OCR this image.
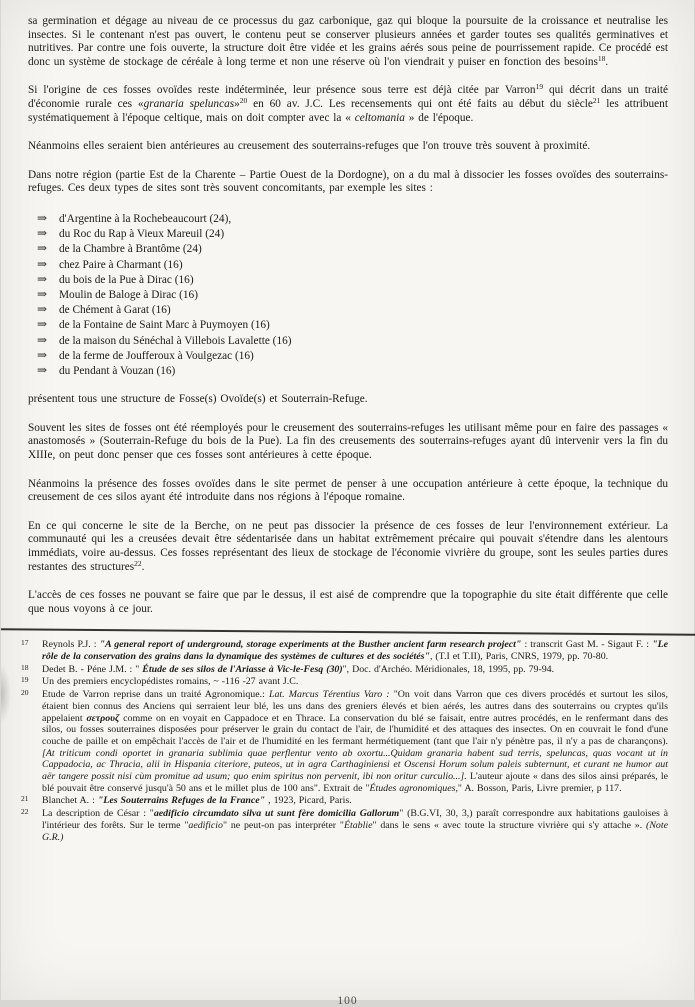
sa germination et dégage au niveau de ce processus du gaz carbonique, gaz qui bloque la poursuite de la croissance et neutralise les insectes. Si le contenant n'est pas ouvert, le contenu peut se conserver plusieurs années et garder toutes ses qualités germinatives et nutritives. Par contre une fois ouverte, la structure doit être vidée et les grains aérés sous peine de pourrissement rapide. Ce procédé est donc un système de stockage de céréale à long terme et non une réserve où l'on viendrait y puiser en fonction des besoins$^{18}$.

Si l'origine de ces fosses ovoïdes reste indéterminée, leur présence sous terre est déjà citée par Varron$^{19}$ qui décrit dans un traité d'économie rurale ces «granaria speluncas»$^{20}$ en 60 av. J.C. Les recensements qui ont été faits au début du siècle$^{21}$ les attribuent systématiquement à l'époque celtique, mais on doit compter avec la « celtomania » de l'époque.

Néanmoins elles seraient bien antérieures au creusement des souterrains-refuges que l'on trouve très souvent à proximité.

Dans notre région (partie Est de la Charente – Partie Ouest de la Dordogne), on a du mal à dissocier les fosses ovoïdes des souterrains-refuges. Ces deux types de sites sont très souvent concomitants, par exemple les sites :

⇒	d'Argentine à la Rochebeaucourt (24),
⇒	du Roc du Rap à Vieux Mareuil (24)
⇒	de la Chambre à Brantôme (24)
⇒	chez Paire à Charmant (16)
⇒	du bois de la Pue à Dirac (16)
⇒	Moulin de Baloge à Dirac (16)
⇒	de Chément à Garat (16)
⇒	de la Fontaine de Saint Marc à Puymoyen (16)
⇒	de la maison du Sénéchal à Villebois Lavalette (16)
⇒	de la ferme de Joufferoux à Voulgezac (16)
⇒	du Pendant à Vouzan (16)

présentent tous une structure de Fosse(s) Ovoïde(s) et Souterrain-Refuge.

Souvent les sites de fosses ont été réemployés pour le creusement des souterrains-refuges les utilisant même pour en faire des passages « anastomosés » (Souterrain-Refuge du bois de la Pue). La fin des creusements des souterrains-refuges ayant dû intervenir vers la fin du XIIIe, on peut donc penser que ces fosses sont antérieures à cette époque.

Néanmoins la présence des fosses ovoïdes dans le site permet de penser à une occupation antérieure à cette époque, la technique du creusement de ces silos ayant été introduite dans nos régions à l'époque romaine.

En ce qui concerne le site de la Berche, on ne peut pas dissocier la présence de ces fosses de leur l'environnement extérieur. La communauté qui les a creusées devait être sédentarisée dans un habitat extrêmement précaire qui pouvait s'étendre dans les alentours immédiats, voire au-dessus. Ces fosses représentant des lieux de stockage de l'économie vivrière du groupe, sont les seules parties dures restantes des structures$^{22}$.

L'accès de ces fosses ne pouvant se faire que par le dessus, il est aisé de comprendre que la topographie du site était différente que celle que nous voyons à ce jour.

17 Reynols P.J. : "A general report of underground, storage experiments at the Busther ancient farm research project" : transcrit Gast M. - Sigaut F. : "Le rôle de la conservation des grains dans la dynamique des systèmes de cultures et des sociétés", (T.I et T.II), Paris, CNRS, 1979, pp. 70-80.
18 Dedet B. - Péne J.M. : " Étude de ses silos de l'Ariasse à Vic-le-Fesq (30)", Doc. d'Archéo. Méridionales, 18, 1995, pp. 79-94.
19 Un des premiers encyclopédistes romains, ~ -116 -27 avant J.C.
20 Etude de Varron reprise dans un traité Agronomique.: Lat. Marcus Térentius Varo : "On voit dans Varron que ces divers procédés et surtout les silos, étaient bien connus des Anciens qui serraient leur blé, les uns dans des greniers élevés et bien aérés, les autres dans des souterrains ou cryptes qu'ils appelaient σετρουζ comme on en voyait en Cappadoce et en Thrace. La conservation du blé se faisait, entre autres procédés, en le renfermant dans des silos, ou fosses souterraines disposées pour préserver le grain du contact de l'air, de l'humidité et des attaques des insectes. On en couvrait le fond d'une couche de paille et on empêchait l'accès de l'air et de l'humidité en les fermant hermétiquement (tant que l'air n'y pénètre pas, il n'y a pas de charançons). [At triticum condi oportet in granaria sublimia quae perflentur vento ab oxortu...Quidam granaria habent sud terris, speluncas, quas vocant ut in Cappadocia, ac Thracia, alii in Hispania citeriore, puteos, ut in agra Carthaginiensi et Oscensi Horum solum paleis subternunt, et curant ne humor aut aër tangere possit nisi cùm promitue ad usum; quo enim spiritus non pervenit, ibi non oritur curculio...]. L'auteur ajoute « dans des silos ainsi préparés, le blé pouvait être conservé jusqu'à 50 ans et le millet plus de 100 ans". Extrait de "Études agronomiques," A. Bosson, Paris, Livre premier, p 117.
21 Blanchet A. : "Les Souterrains Refuges de la France" , 1923, Picard, Paris.
22 La description de César : "aedificio circumdato silva ut sunt fère domicilia Gallorum" (B.G.VI, 30, 3,) paraît correspondre aux habitations gauloises à l'intérieur des forêts. Sur le terme "aedificio" ne peut-on pas interpréter "Établie" dans le sens « avec toute la structure vivrière qui s'y attache ». (Note G.R.)
100
